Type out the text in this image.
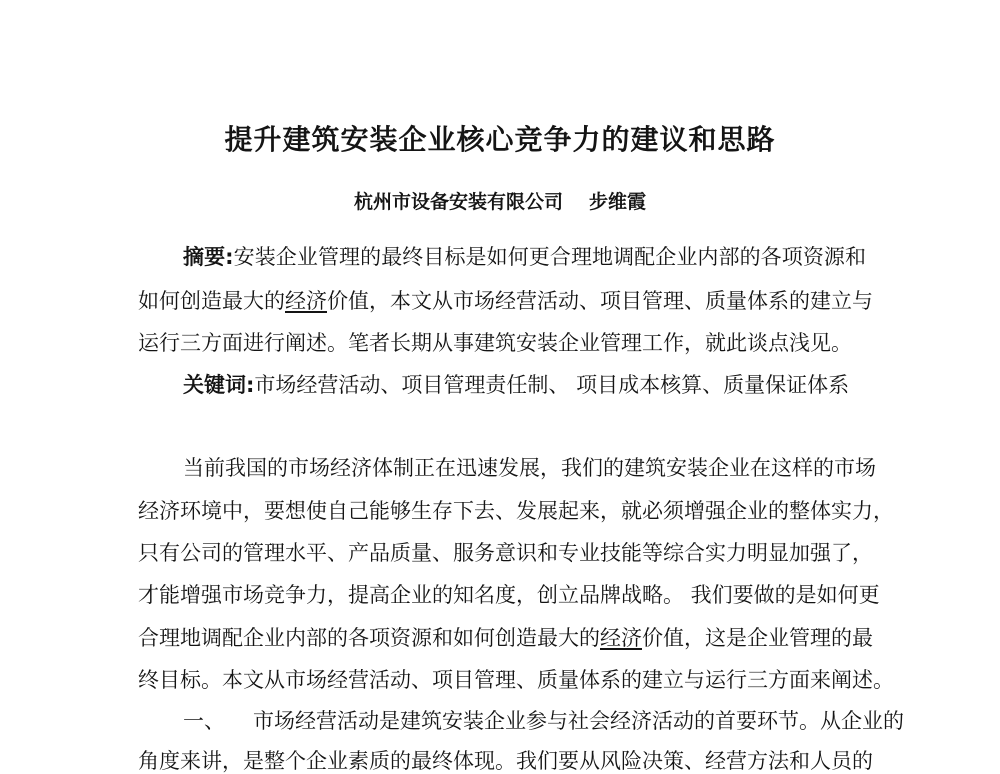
提升建筑安装企业核心竞争力的建议和思路
杭州市设备安装有限公司 步维霞
摘要:安装企业管理的最终目标是如何更合理地调配企业内部的各项资源和
如何创造最大的经济价值，本文从市场经营活动、项目管理、质量体系的建立与
运行三方面进行阐述。笔者长期从事建筑安装企业管理工作，就此谈点浅见。
关键词:市场经营活动、项目管理责任制、 项目成本核算、质量保证体系
当前我国的市场经济体制正在迅速发展，我们的建筑安装企业在这样的市场
经济环境中，要想使自己能够生存下去、发展起来，就必须增强企业的整体实力，
只有公司的管理水平、产品质量、服务意识和专业技能等综合实力明显加强了，
才能增强市场竞争力，提高企业的知名度，创立品牌战略。 我们要做的是如何更
合理地调配企业内部的各项资源和如何创造最大的经济价值，这是企业管理的最
终目标。本文从市场经营活动、项目管理、质量体系的建立与运行三方面来阐述。
一、 市场经营活动是建筑安装企业参与社会经济活动的首要环节。从企业的
角度来讲，是整个企业素质的最终体现。我们要从风险决策、经营方法和人员的
